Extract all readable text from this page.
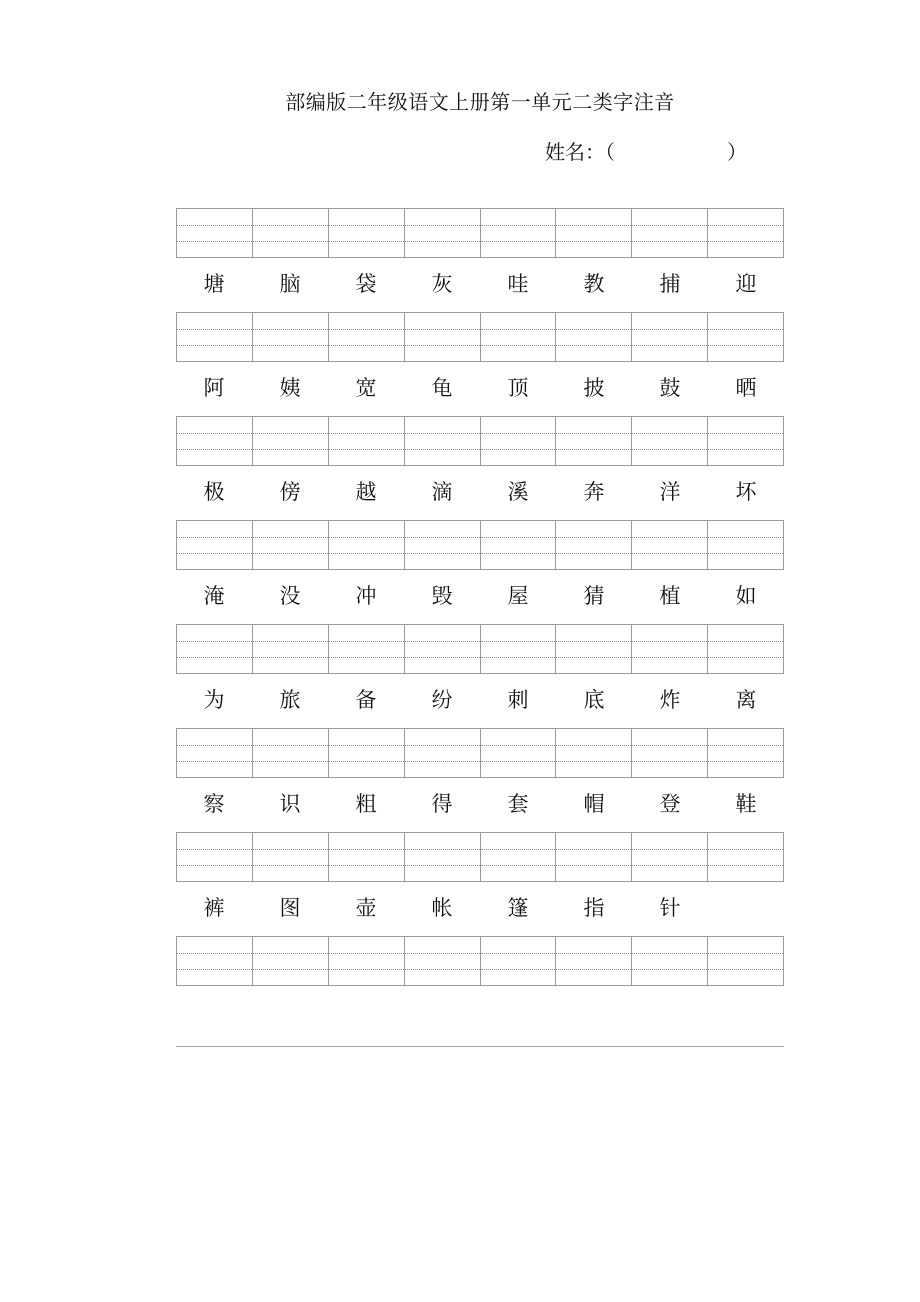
部编版二年级语文上册第一单元二类字注音
姓名：（	）
塘	脑	袋	灰	哇	教	捕	迎
阿	姨	宽	龟	顶	披	鼓	晒
极	傍	越	滴	溪	奔	洋	坏
淹	没	冲	毁	屋	猜	植	如
为	旅	备	纷	刺	底	炸	离
察	识	粗	得	套	帽	登	鞋
裤	图	壶	帐	篷	指	针
